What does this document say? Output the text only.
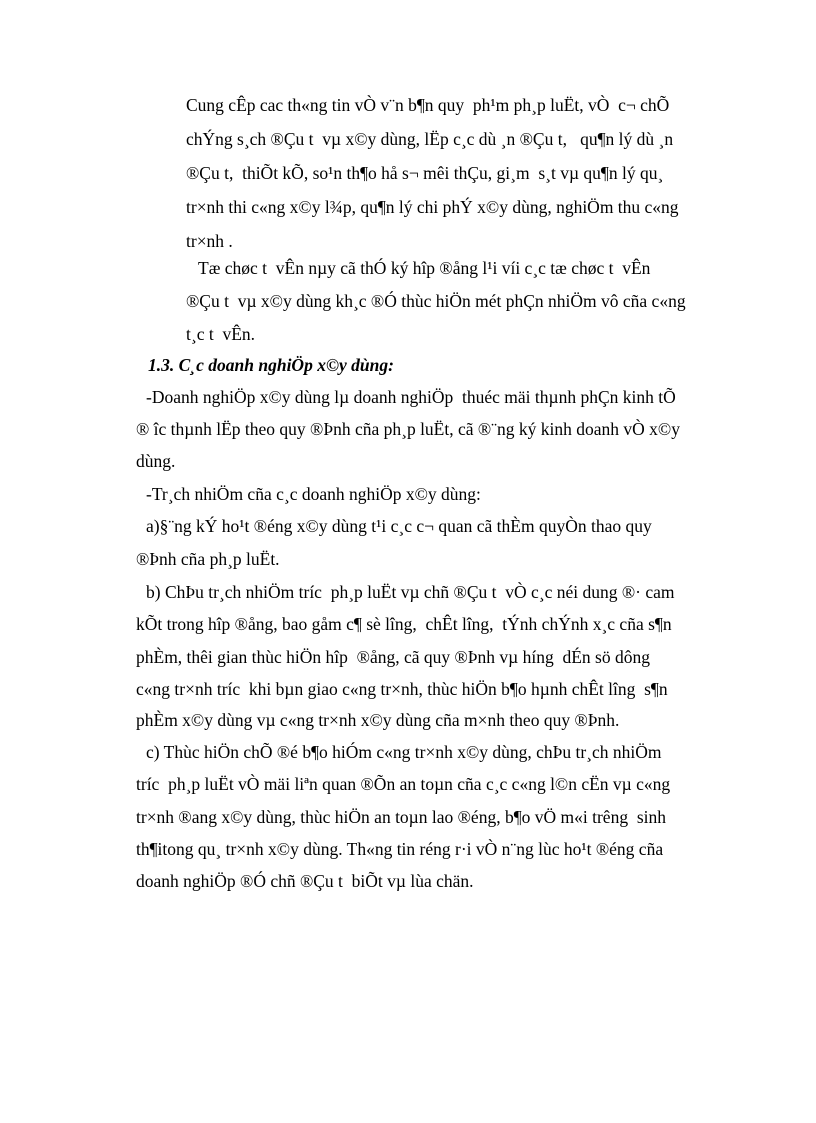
Cung cÊp cac th«ng tin vÒ v¨n b¶n quy  ph¹m ph¸p luËt, vÒ  c¬ chÕ
chÝng s¸ch ®Çu t  vµ x©y dùng, lËp c¸c dù ¸n ®Çu t,   qu¶n lý dù ¸n
®Çu t,  thiÕt kÕ, so¹n th¶o hå s¬ mêi thÇu, gi¸m  s¸t vµ qu¶n lý qu¸
tr×nh thi c«ng x©y l¾p, qu¶n lý chi phÝ x©y dùng, nghiÖm thu c«ng
tr×nh .
Tæ chøc t  vÊn nµy cã thÓ ký hîp ®ång l¹i víi c¸c tæ chøc t  vÊn
®Çu t  vµ x©y dùng kh¸c ®Ó thùc hiÖn mét phÇn nhiÖm vô cña c«ng
t¸c t  vÊn.
1.3. C¸c doanh nghiÖp x©y dùng:
-Doanh nghiÖp x©y dùng lµ doanh nghiÖp  thuéc mäi thµnh phÇn kinh tÕ
® îc thµnh lËp theo quy ®Þnh cña ph¸p luËt, cã ®¨ng ký kinh doanh vÒ x©y
dùng.
-Tr¸ch nhiÖm cña c¸c doanh nghiÖp x©y dùng:
a)§¨ng kÝ ho¹t ®éng x©y dùng t¹i c¸c c¬ quan cã thÈm quyÒn thao quy
®Þnh cña ph¸p luËt.
b) ChÞu tr¸ch nhiÖm tríc  ph¸p luËt vµ chñ ®Çu t  vÒ c¸c néi dung ®· cam
kÕt trong hîp ®ång, bao gåm c¶ sè lîng,  chÊt lîng,  tÝnh chÝnh x¸c cña s¶n
phÈm, thêi gian thùc hiÖn hîp  ®ång, cã quy ®Þnh vµ híng  dÉn sö dông
c«ng tr×nh tríc  khi bµn giao c«ng tr×nh, thùc hiÖn b¶o hµnh chÊt lîng  s¶n
phÈm x©y dùng vµ c«ng tr×nh x©y dùng cña m×nh theo quy ®Þnh.
c) Thùc hiÖn chÕ ®é b¶o hiÓm c«ng tr×nh x©y dùng, chÞu tr¸ch nhiÖm
tríc  ph¸p luËt vÒ mäi liªn quan ®Õn an toµn cña c¸c c«ng l©n cËn vµ c«ng
tr×nh ®ang x©y dùng, thùc hiÖn an toµn lao ®éng, b¶o vÖ m«i trêng  sinh
th¶itong qu¸ tr×nh x©y dùng. Th«ng tin réng r·i vÒ n¨ng lùc ho¹t ®éng cña
doanh nghiÖp ®Ó chñ ®Çu t  biÕt vµ lùa chän.
